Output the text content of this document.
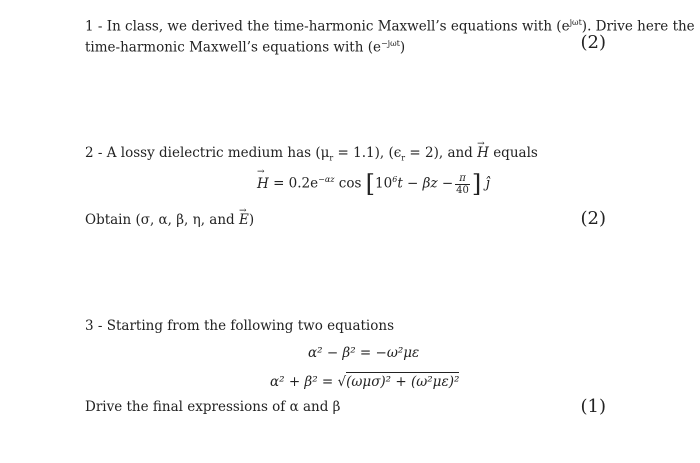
1 - In class, we derived the time-harmonic Maxwell’s equations with $(e^{j\omega t})$. Drive here the
time-harmonic Maxwell’s equations with $(e^{-j\omega t})$	(2)
2 - A lossy dielectric medium has $(\mu_r = 1.1)$, $(\epsilon_r = 2)$, and → H equals
→ $H = 0.2e^{-\alpha z}$ $\cos [10^6t - \beta z - \frac{\pi}{40}$ ] ĵ
Obtain (σ, α, β, η, and → E)	(2)
3 - Starting from the following two equations
α² − β² = −ω²με
α² + β² = √(ωμσ)² + (ω²με)²
Drive the final expressions of α and β	(1)
